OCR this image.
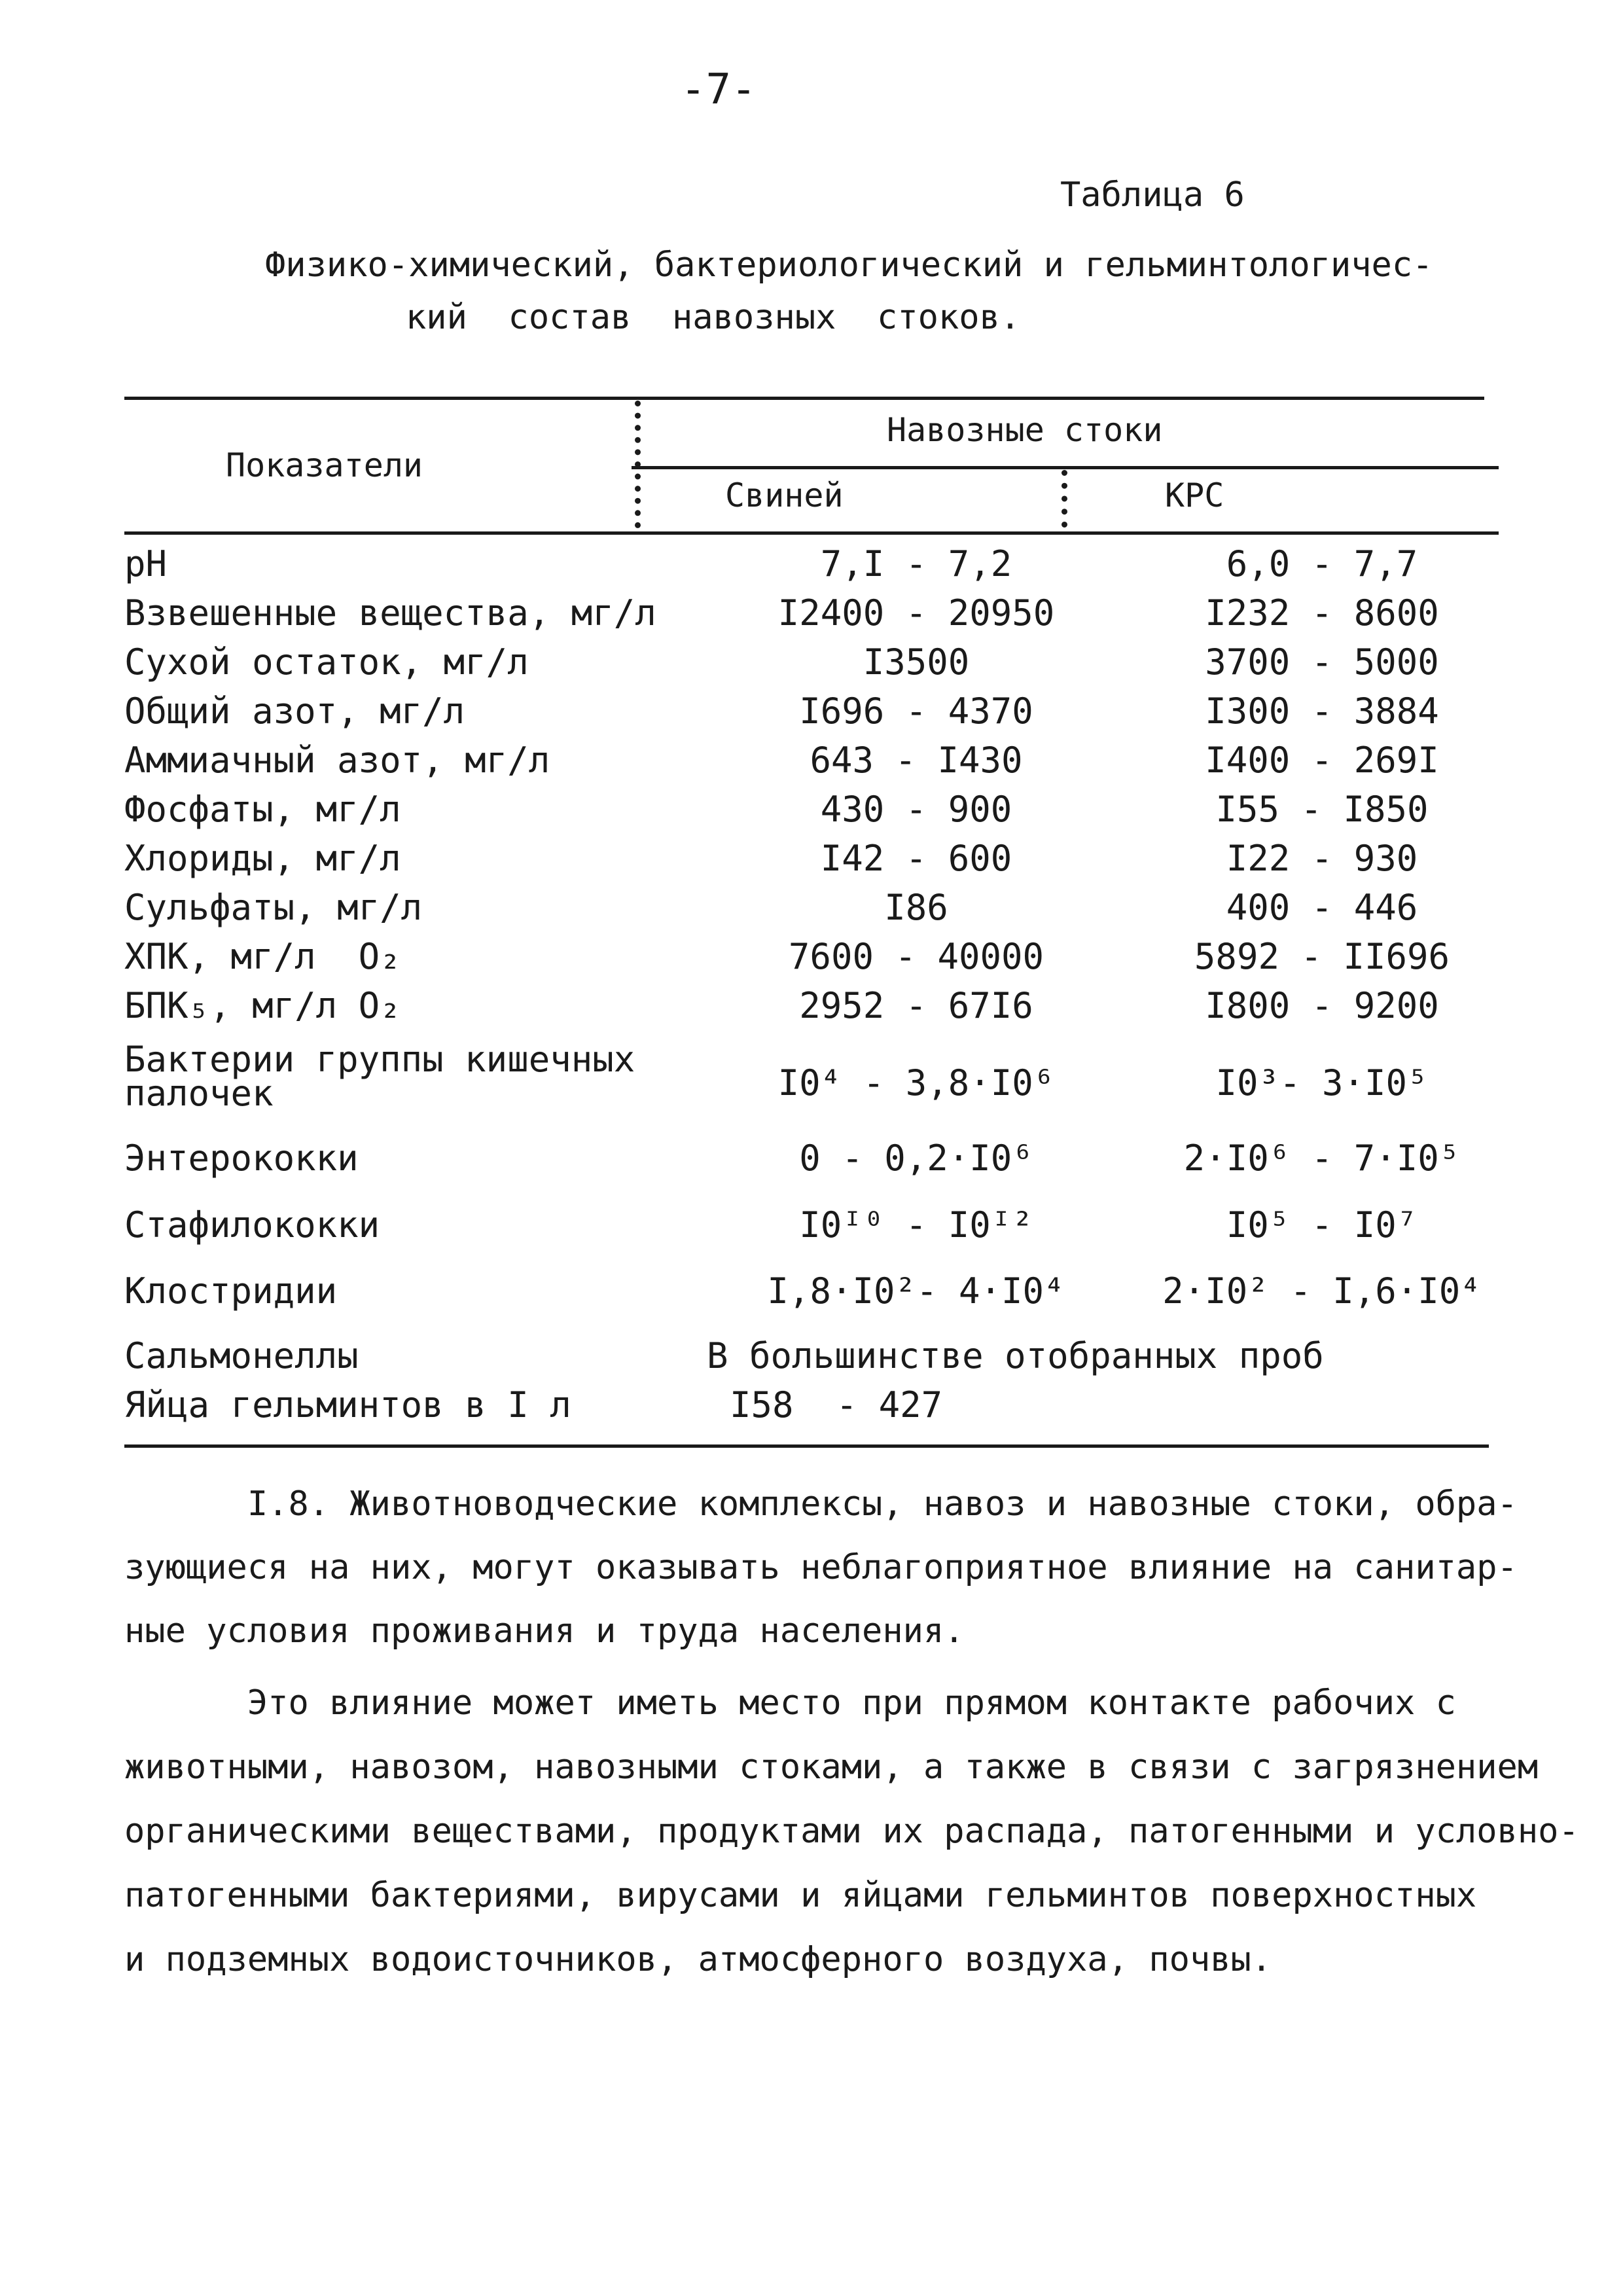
-7-
Таблица 6
Физико-химический, бактериологический и гельминтологичес-
кий  состав  навозных  стоков.
Показатели
Навозные стоки
Свиней	КРС
pH	7,I - 7,2	6,0 - 7,7
Взвешенные вещества, мг/л	I2400 - 20950	I232 - 8600
Сухой остаток, мг/л	I3500	3700 - 5000
Общий азот, мг/л	I696 - 4370	I300 - 3884
Аммиачный азот, мг/л	643 - I430	I400 - 269I
Фосфаты, мг/л	430 - 900	I55 - I850
Хлориды, мг/л	I42 - 600	I22 - 930
Сульфаты, мг/л	I86	400 - 446
ХПК, мг/л  O₂	7600 - 40000	5892 - II696
БПК₅, мг/л O₂	2952 - 67I6	I800 - 9200
Бактерии группы кишечных
палочек	I0⁴ - 3,8·I0⁶	I0³- 3·I0⁵
Энтерококки	0 - 0,2·I0⁶	2·I0⁶ - 7·I0⁵
Стафилококки	I0ᴵ⁰ - I0ᴵ²	I0⁵ - I0⁷
Клостридии	I,8·I0²- 4·I0⁴	2·I0² - I,6·I0⁴
Сальмонеллы	В большинстве отобранных проб
Яйца гельминтов в I л	I58  - 427
I.8. Животноводческие комплексы, навоз и навозные стоки, обра-
зующиеся на них, могут оказывать неблагоприятное влияние на санитар-
ные условия проживания и труда населения.
Это влияние может иметь место при прямом контакте рабочих с
животными, навозом, навозными стоками, а также в связи с загрязнением
органическими веществами, продуктами их распада, патогенными и условно-
патогенными бактериями, вирусами и яйцами гельминтов поверхностных
и подземных водоисточников, атмосферного воздуха, почвы.
